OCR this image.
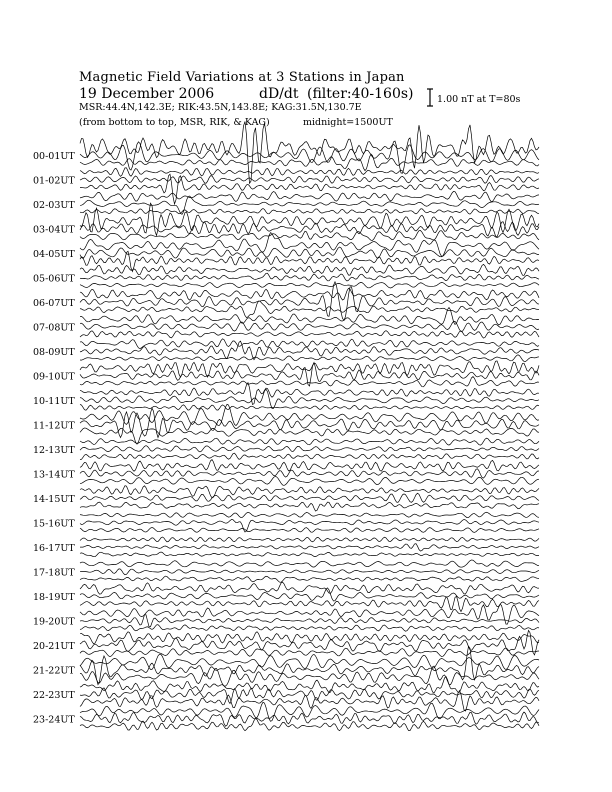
Magnetic Field Variations at 3 Stations in Japan
19 December 2006	dD/dt (filter:40-160s)
MSR:44.4N,142.3E; RIK:43.5N,143.8E; KAG:31.5N,130.7E
(from bottom to top, MSR, RIK, & KAG)	midnight=1500UT
1.00 nT at T=80s
00-01UT
01-02UT
02-03UT
03-04UT
04-05UT
05-06UT
06-07UT
07-08UT
08-09UT
09-10UT
10-11UT
11-12UT
12-13UT
13-14UT
14-15UT
15-16UT
16-17UT
17-18UT
18-19UT
19-20UT
20-21UT
21-22UT
22-23UT
23-24UT
